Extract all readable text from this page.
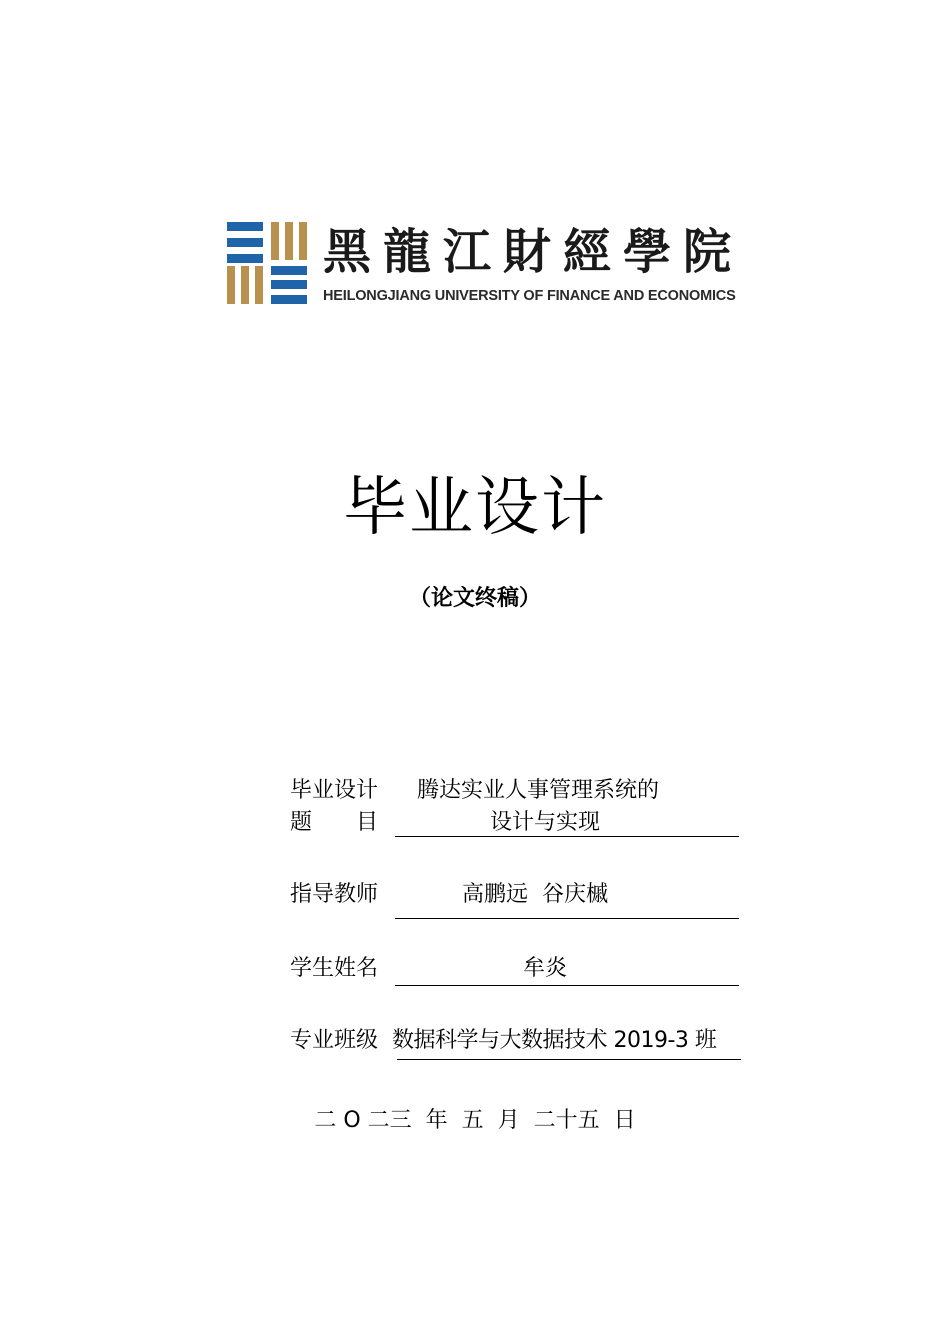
黑龍江財經學院
HEILONGJIANG UNIVERSITY OF FINANCE AND ECONOMICS
毕业设计
（论文终稿）
毕业设计
题　　目
腾达实业人事管理系统的
设计与实现
指导教师	高鹏远  谷庆槭
学生姓名	牟炎
专业班级 数据科学与大数据技术 2019-3 班
二 O 二三  年  五  月  二十五  日
